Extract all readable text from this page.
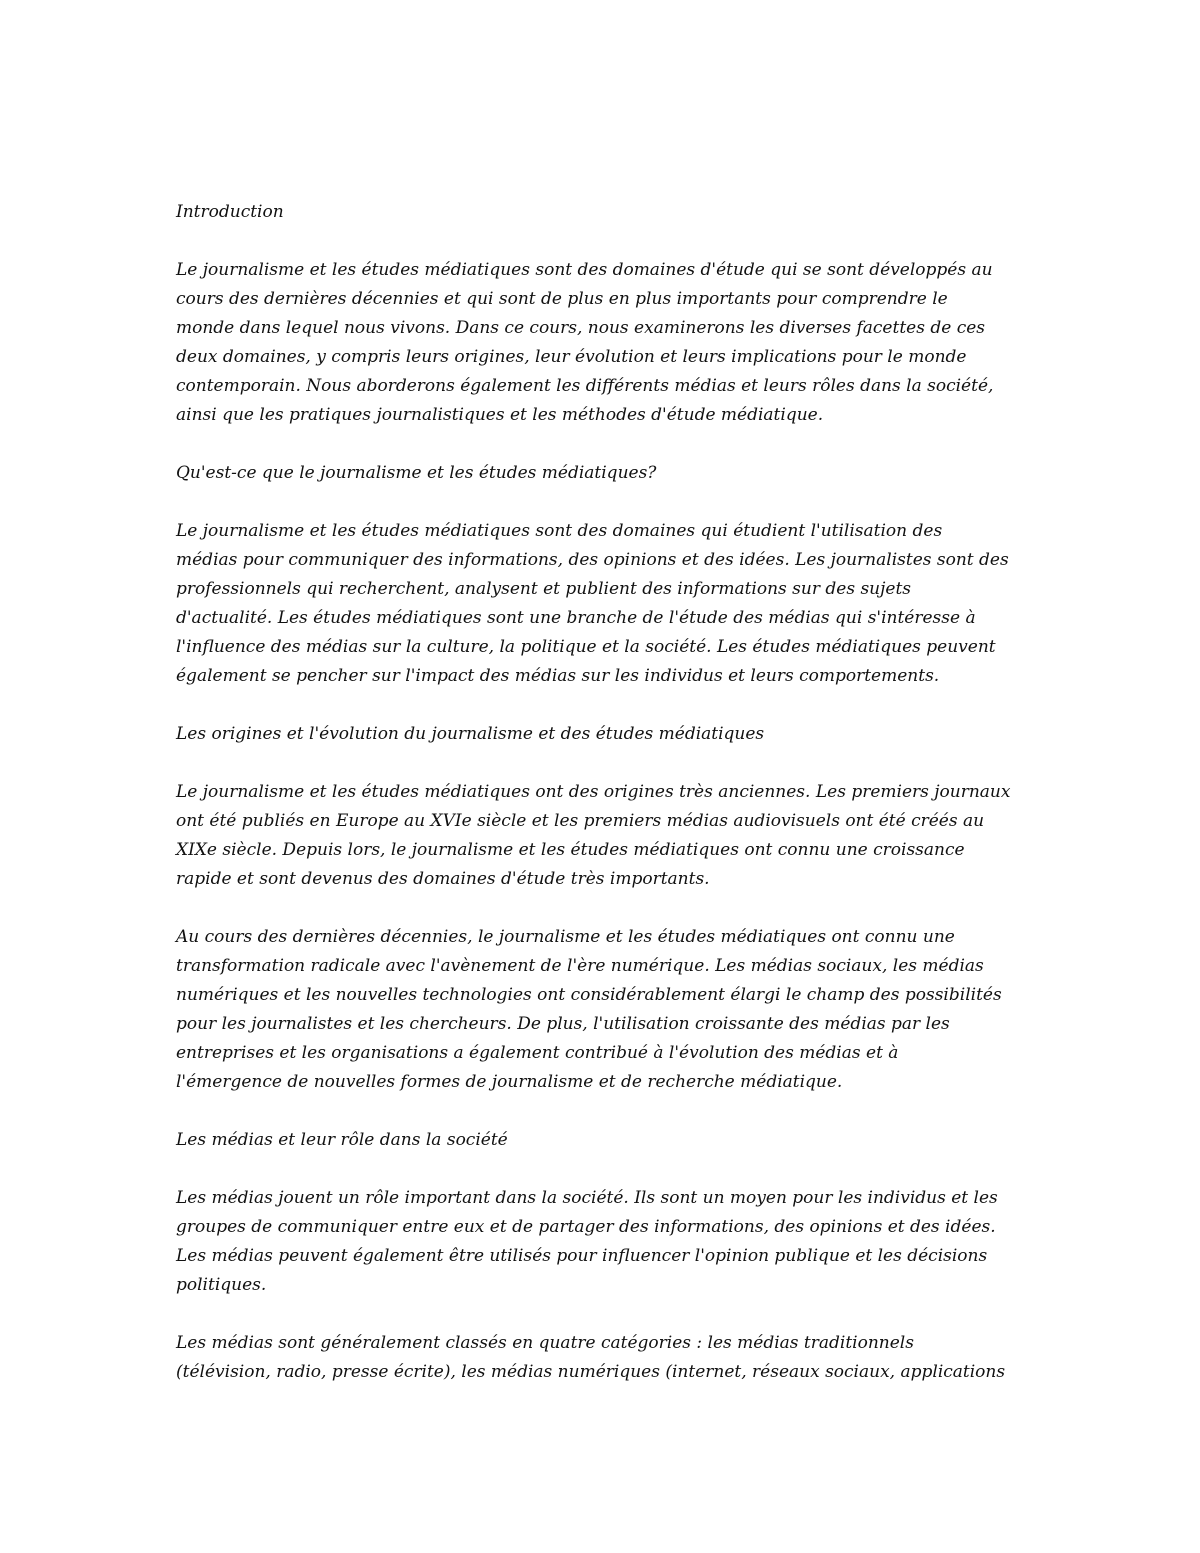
Introduction
Le journalisme et les études médiatiques sont des domaines d'étude qui se sont développés au
cours des dernières décennies et qui sont de plus en plus importants pour comprendre le
monde dans lequel nous vivons. Dans ce cours, nous examinerons les diverses facettes de ces
deux domaines, y compris leurs origines, leur évolution et leurs implications pour le monde
contemporain. Nous aborderons également les différents médias et leurs rôles dans la société,
ainsi que les pratiques journalistiques et les méthodes d'étude médiatique.
Qu'est-ce que le journalisme et les études médiatiques?
Le journalisme et les études médiatiques sont des domaines qui étudient l'utilisation des
médias pour communiquer des informations, des opinions et des idées. Les journalistes sont des
professionnels qui recherchent, analysent et publient des informations sur des sujets
d'actualité. Les études médiatiques sont une branche de l'étude des médias qui s'intéresse à
l'influence des médias sur la culture, la politique et la société. Les études médiatiques peuvent
également se pencher sur l'impact des médias sur les individus et leurs comportements.
Les origines et l'évolution du journalisme et des études médiatiques
Le journalisme et les études médiatiques ont des origines très anciennes. Les premiers journaux
ont été publiés en Europe au XVIe siècle et les premiers médias audiovisuels ont été créés au
XIXe siècle. Depuis lors, le journalisme et les études médiatiques ont connu une croissance
rapide et sont devenus des domaines d'étude très importants.
Au cours des dernières décennies, le journalisme et les études médiatiques ont connu une
transformation radicale avec l'avènement de l'ère numérique. Les médias sociaux, les médias
numériques et les nouvelles technologies ont considérablement élargi le champ des possibilités
pour les journalistes et les chercheurs. De plus, l'utilisation croissante des médias par les
entreprises et les organisations a également contribué à l'évolution des médias et à
l'émergence de nouvelles formes de journalisme et de recherche médiatique.
Les médias et leur rôle dans la société
Les médias jouent un rôle important dans la société. Ils sont un moyen pour les individus et les
groupes de communiquer entre eux et de partager des informations, des opinions et des idées.
Les médias peuvent également être utilisés pour influencer l'opinion publique et les décisions
politiques.
Les médias sont généralement classés en quatre catégories : les médias traditionnels
(télévision, radio, presse écrite), les médias numériques (internet, réseaux sociaux, applications
